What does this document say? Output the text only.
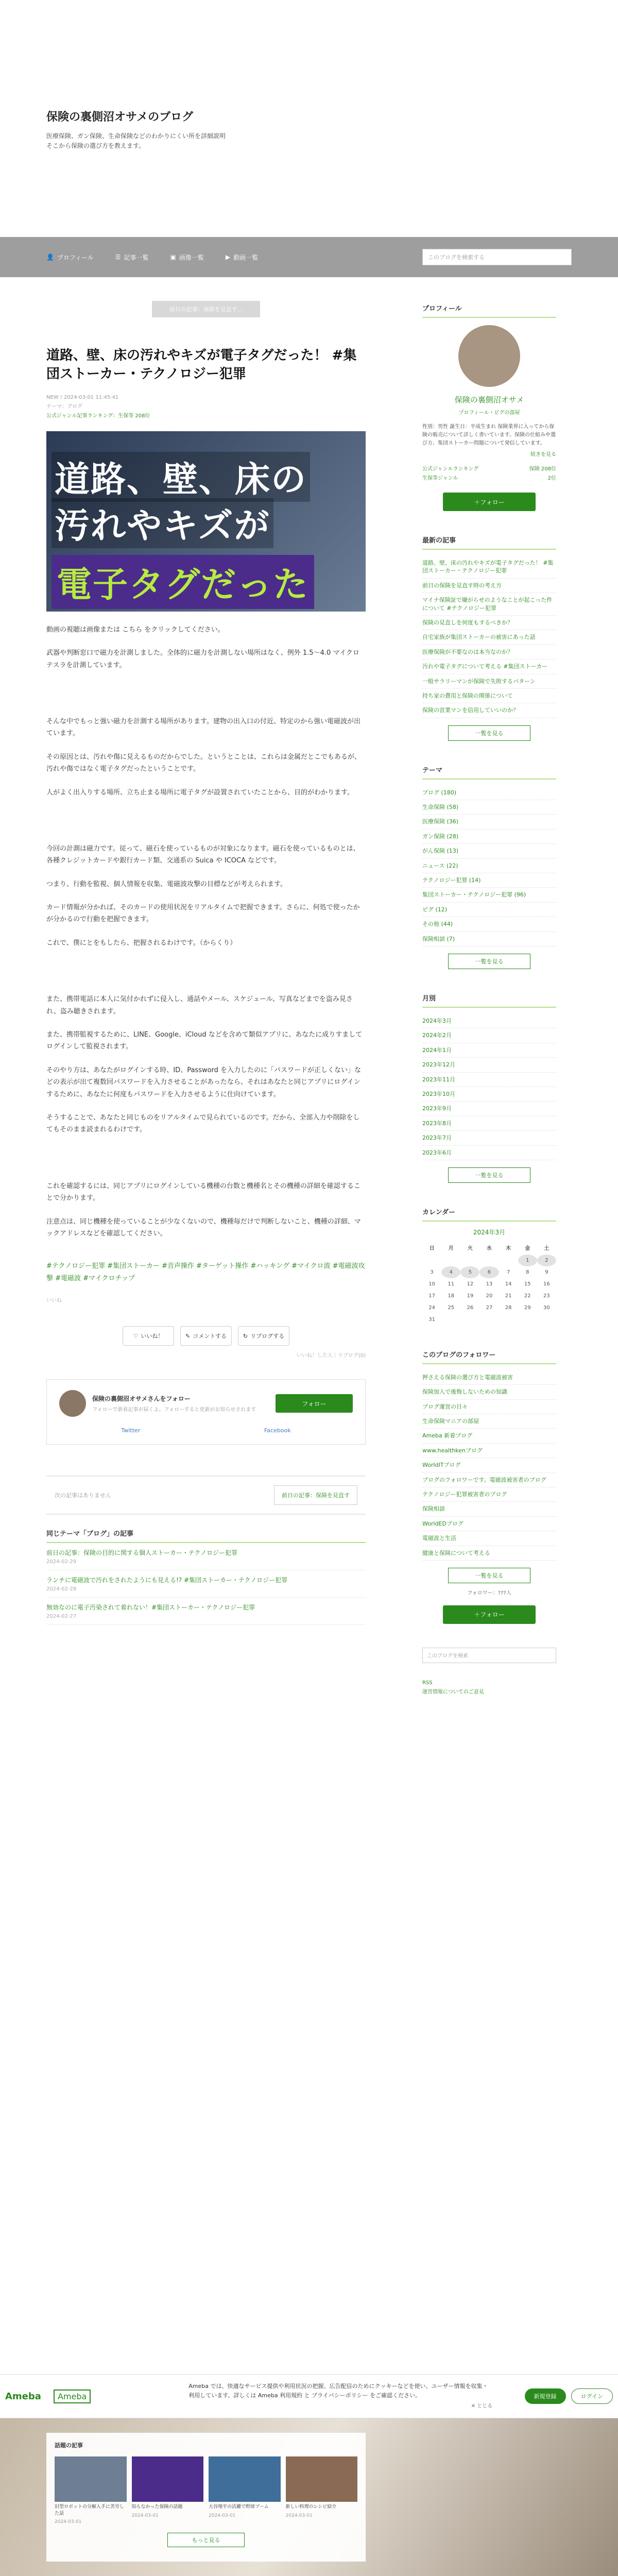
保険の裏側沼オサメのブログ
医療保険、ガン保険、生命保険などのわかりにくい所を詳細説明
そこから保険の選び方を教えます。
👤 プロフィール	☰ 記事一覧	▣ 画像一覧	▶ 動画一覧	このブログを検索する
前日の記事：保険を見直す...
道路、壁、床の汚れやキズが電子タグだった！ #集団ストーカー・テクノロジー犯罪
NEW ! 2024-03-01 11:45:41
テーマ：ブログ
公式ジャンル記事ランキング：生保等 208位
道路、壁、床の
汚れやキズが
電子タグだった

動画の視聴は画像または こちら をクリックしてください。

武器や判断窓口で磁力を計測しました。全体的に磁力を計測しない場所はなく、例外 1.5〜4.0 マイクロテスラを計測しています。

そんな中でもっと強い磁力を計測する場所があります。建物の出入口の付近、特定のから強い電磁波が出ています。

その原因とは、汚れや傷に見えるものだからでした。というとことは、これらは金属だとこでもあるが、汚れや傷ではなく電子タグだったということです。

人がよく出入りする場所、立ち止まる場所に電子タグが設置されていたことから、目的がわかります。

今回の計測は磁力です。従って、磁石を使っているものが対象になります。磁石を使っているものとは、各種クレジットカードや銀行カード類、交通系の Suica や ICOCA などです。

つまり、行動を監視、個人情報を収集、電磁波攻撃の目標などが考えられます。

カード情報が分かれば、そのカードの使用状況をリアルタイムで把握できます。さらに、何処で使ったかが分かるので行動を把握できます。

これで、僕にとをもしたら、把握されるわけです。（からくり）

また、携帯電話に本人に気付かれずに侵入し、通話やメール、スケジュール、写真などまでを盗み見され、盗み聴きされます。

また、携帯監視するために、LINE、Google、iCloud などを含めて類似アプリに、あなたに成りすましてログインして監視されます。

そのやり方は、あなたがログインする時、ID、Password を入力したのに「パスワードが正しくない」などの表示が出て複数回パスワードを入力させることがあったなら、それはあなたと同じアプリにログインするために、あなたに何度もパスワードを入力させるように仕向けています。

そうすることで、あなたと同じものをリアルタイムで見られているのです。だから、全部入力や削除をしてもそのまま読まれるわけです。

これを確認するには、同じアプリにログインしている機種の台数と機種名とその機種の詳細を確認することで分かります。

注意点は、同じ機種を使っていることが少なくないので、機種毎だけで判断しないこと、機種の詳細、マックアドレスなどを確認してください。

#テクノロジー犯罪 #集団ストーカー #音声操作 #ターゲット操作 #ハッキング #マイクロ波 #電磁波攻撃 #電磁波 #マイクロチップ
いいね
♡ いいね！	✎ コメントする	↻ リブログする
いいね！した人｜リブログ(0)
保険の裏側沼オサメさんをフォロー
フォローで新着記事が届くよ。フォローすると更新がお知らせされます
フォロー
Twitter	Facebook
次の記事はありません	前日の記事：保険を見直す
同じテーマ「ブログ」の記事
前日の記事：保険の目的に関する個人ストーカー・テクノロジー犯罪
2024-02-29
ランチに電磁波で汚れをされたようにも見える!? #集団ストーカー・テクノロジー犯罪
2024-02-28
無効なのに電子汚染されて着れない！#集団ストーカー・テクノロジー犯罪
2024-02-27
プロフィール
保険の裏側沼オサメ
プロフィール・ピグの部屋
性別：男性 誕生日：平成生まれ 保険業界に入ってから保険の販売について詳しく書いています。保険の仕組みや選び方、集団ストーカー問題について発信しています。
続きを見る
公式ジャンルランキング	保険 208位
生保等ジャンル	2位
＋フォロー
最新の記事
道路、壁、床の汚れやキズが電子タグだった！ #集団ストーカー・テクノロジー犯罪
前日の保険を見直す時の考え方
マイナ保険証で嫌がらせのようなことが起こった件について #テクノロジー犯罪
保険の見直しを何度もするべきか？
自宅家族が集団ストーカーの被害にあった話
医療保険が不要なのは本当なのか？
汚れや電子タグについて考える #集団ストーカー
一般サラリーマンが保険で失敗するパターン
持ち家の費用と保険の関係について
保険の営業マンを信用していいのか？
一覧を見る
テーマ
ブログ (180)
生命保険 (58)
医療保険 (36)
ガン保険 (28)
がん保険 (13)
ニュース (22)
テクノロジー犯罪 (14)
集団ストーカー・テクノロジー犯罪 (96)
ピグ (12)
その他 (44)
保険相談 (7)
一覧を見る
月別
2024年3月
2024年2月
2024年1月
2023年12月
2023年11月
2023年10月
2023年9月
2023年8月
2023年7月
2023年6月
一覧を見る
カレンダー
2024年3月
日	月	火	水	木	金	土
					1	2
3	4	5	6	7	8	9
10	11	12	13	14	15	16
17	18	19	20	21	22	23
24	25	26	27	28	29	30
31						
このブログのフォロワー
押さえる保険の選び方と電磁波被害
保険加入で後悔しないための知識
ブログ運営の日々
生命保険マニアの部屋
Ameba 新着ブログ
www.healthkenブログ
WorldITブログ
ブログのフォロワーです。電磁波被害者のブログ
テクノロジー犯罪被害者のブログ
保険相談
WorldEDブログ
電磁波と生活
健康と保険について考える
一覧を見る
フォロワー：???人
＋フォロー
このブログを検索
RSS
運営情報についてのご意見
Ameba	Ameba
Ameba では、快適なサービス提供や利用状況の把握、広告配信のためにクッキーなどを使い、ユーザー情報を収集・利用しています。詳しくは Ameba 利用規約 と プライバシーポリシー をご確認ください。
✕ とじる
新規登録	ログイン
話題の記事
旧型ロボットの分解入手に苦労した話
2024-03-01
知らなかった保険の話題
2024-03-01
大谷翔平の活躍で野球ブーム
2024-03-01
新しい料理のレシピ紹介
2024-03-01
もっと見る
